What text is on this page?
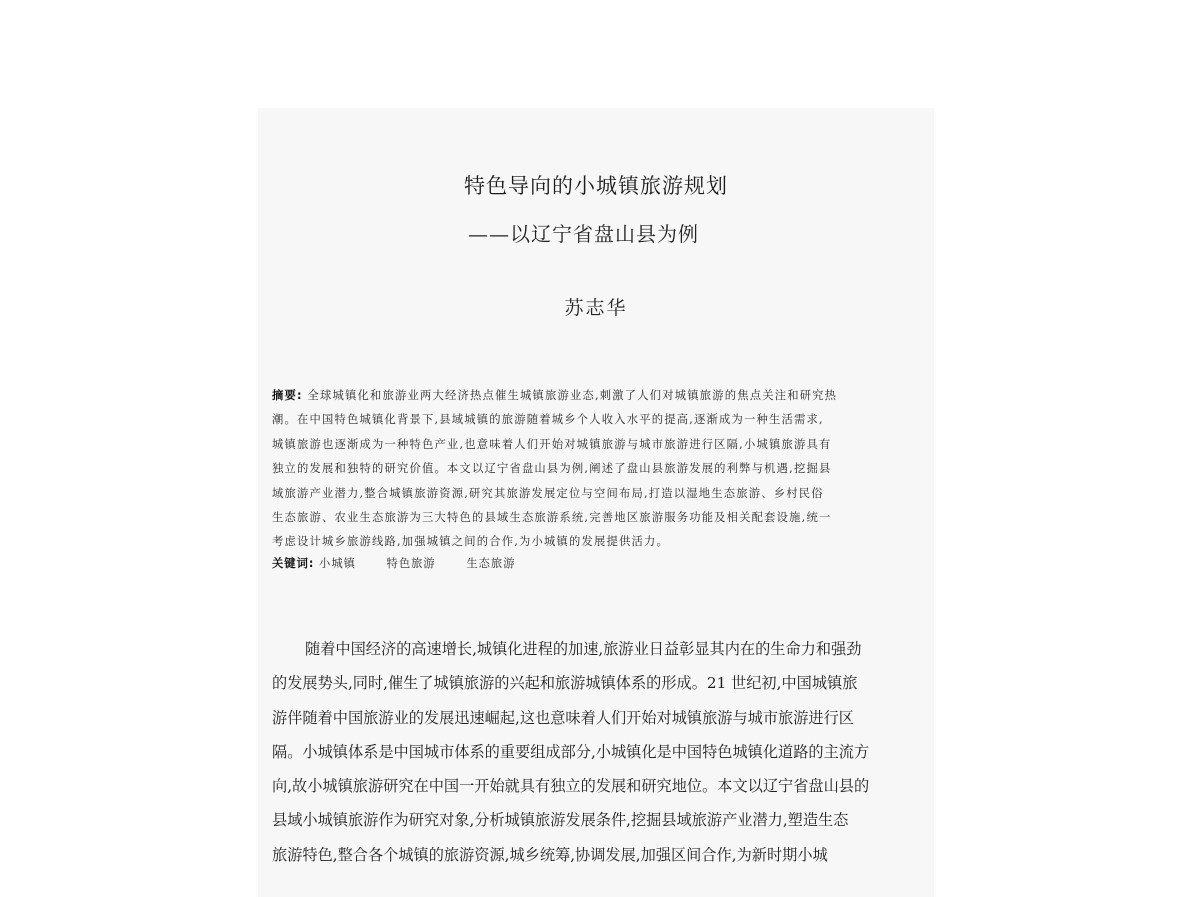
特色导向的小城镇旅游规划
——以辽宁省盘山县为例
苏志华
摘要: 全球城镇化和旅游业两大经济热点催生城镇旅游业态,刺激了人们对城镇旅游的焦点关注和研究热
潮。在中国特色城镇化背景下,县域城镇的旅游随着城乡个人收入水平的提高,逐渐成为一种生活需求,
城镇旅游也逐渐成为一种特色产业,也意味着人们开始对城镇旅游与城市旅游进行区隔,小城镇旅游具有
独立的发展和独特的研究价值。本文以辽宁省盘山县为例,阐述了盘山县旅游发展的利弊与机遇,挖掘县
域旅游产业潜力,整合城镇旅游资源,研究其旅游发展定位与空间布局,打造以湿地生态旅游、乡村民俗
生态旅游、农业生态旅游为三大特色的县域生态旅游系统,完善地区旅游服务功能及相关配套设施,统一
考虑设计城乡旅游线路,加强城镇之间的合作,为小城镇的发展提供活力。
关键词: 小城镇	特色旅游	生态旅游
随着中国经济的高速增长,城镇化进程的加速,旅游业日益彰显其内在的生命力和强劲
的发展势头,同时,催生了城镇旅游的兴起和旅游城镇体系的形成。21 世纪初,中国城镇旅
游伴随着中国旅游业的发展迅速崛起,这也意味着人们开始对城镇旅游与城市旅游进行区
隔。小城镇体系是中国城市体系的重要组成部分,小城镇化是中国特色城镇化道路的主流方
向,故小城镇旅游研究在中国一开始就具有独立的发展和研究地位。本文以辽宁省盘山县的
县域小城镇旅游作为研究对象,分析城镇旅游发展条件,挖掘县域旅游产业潜力,塑造生态
旅游特色,整合各个城镇的旅游资源,城乡统筹,协调发展,加强区间合作,为新时期小城
